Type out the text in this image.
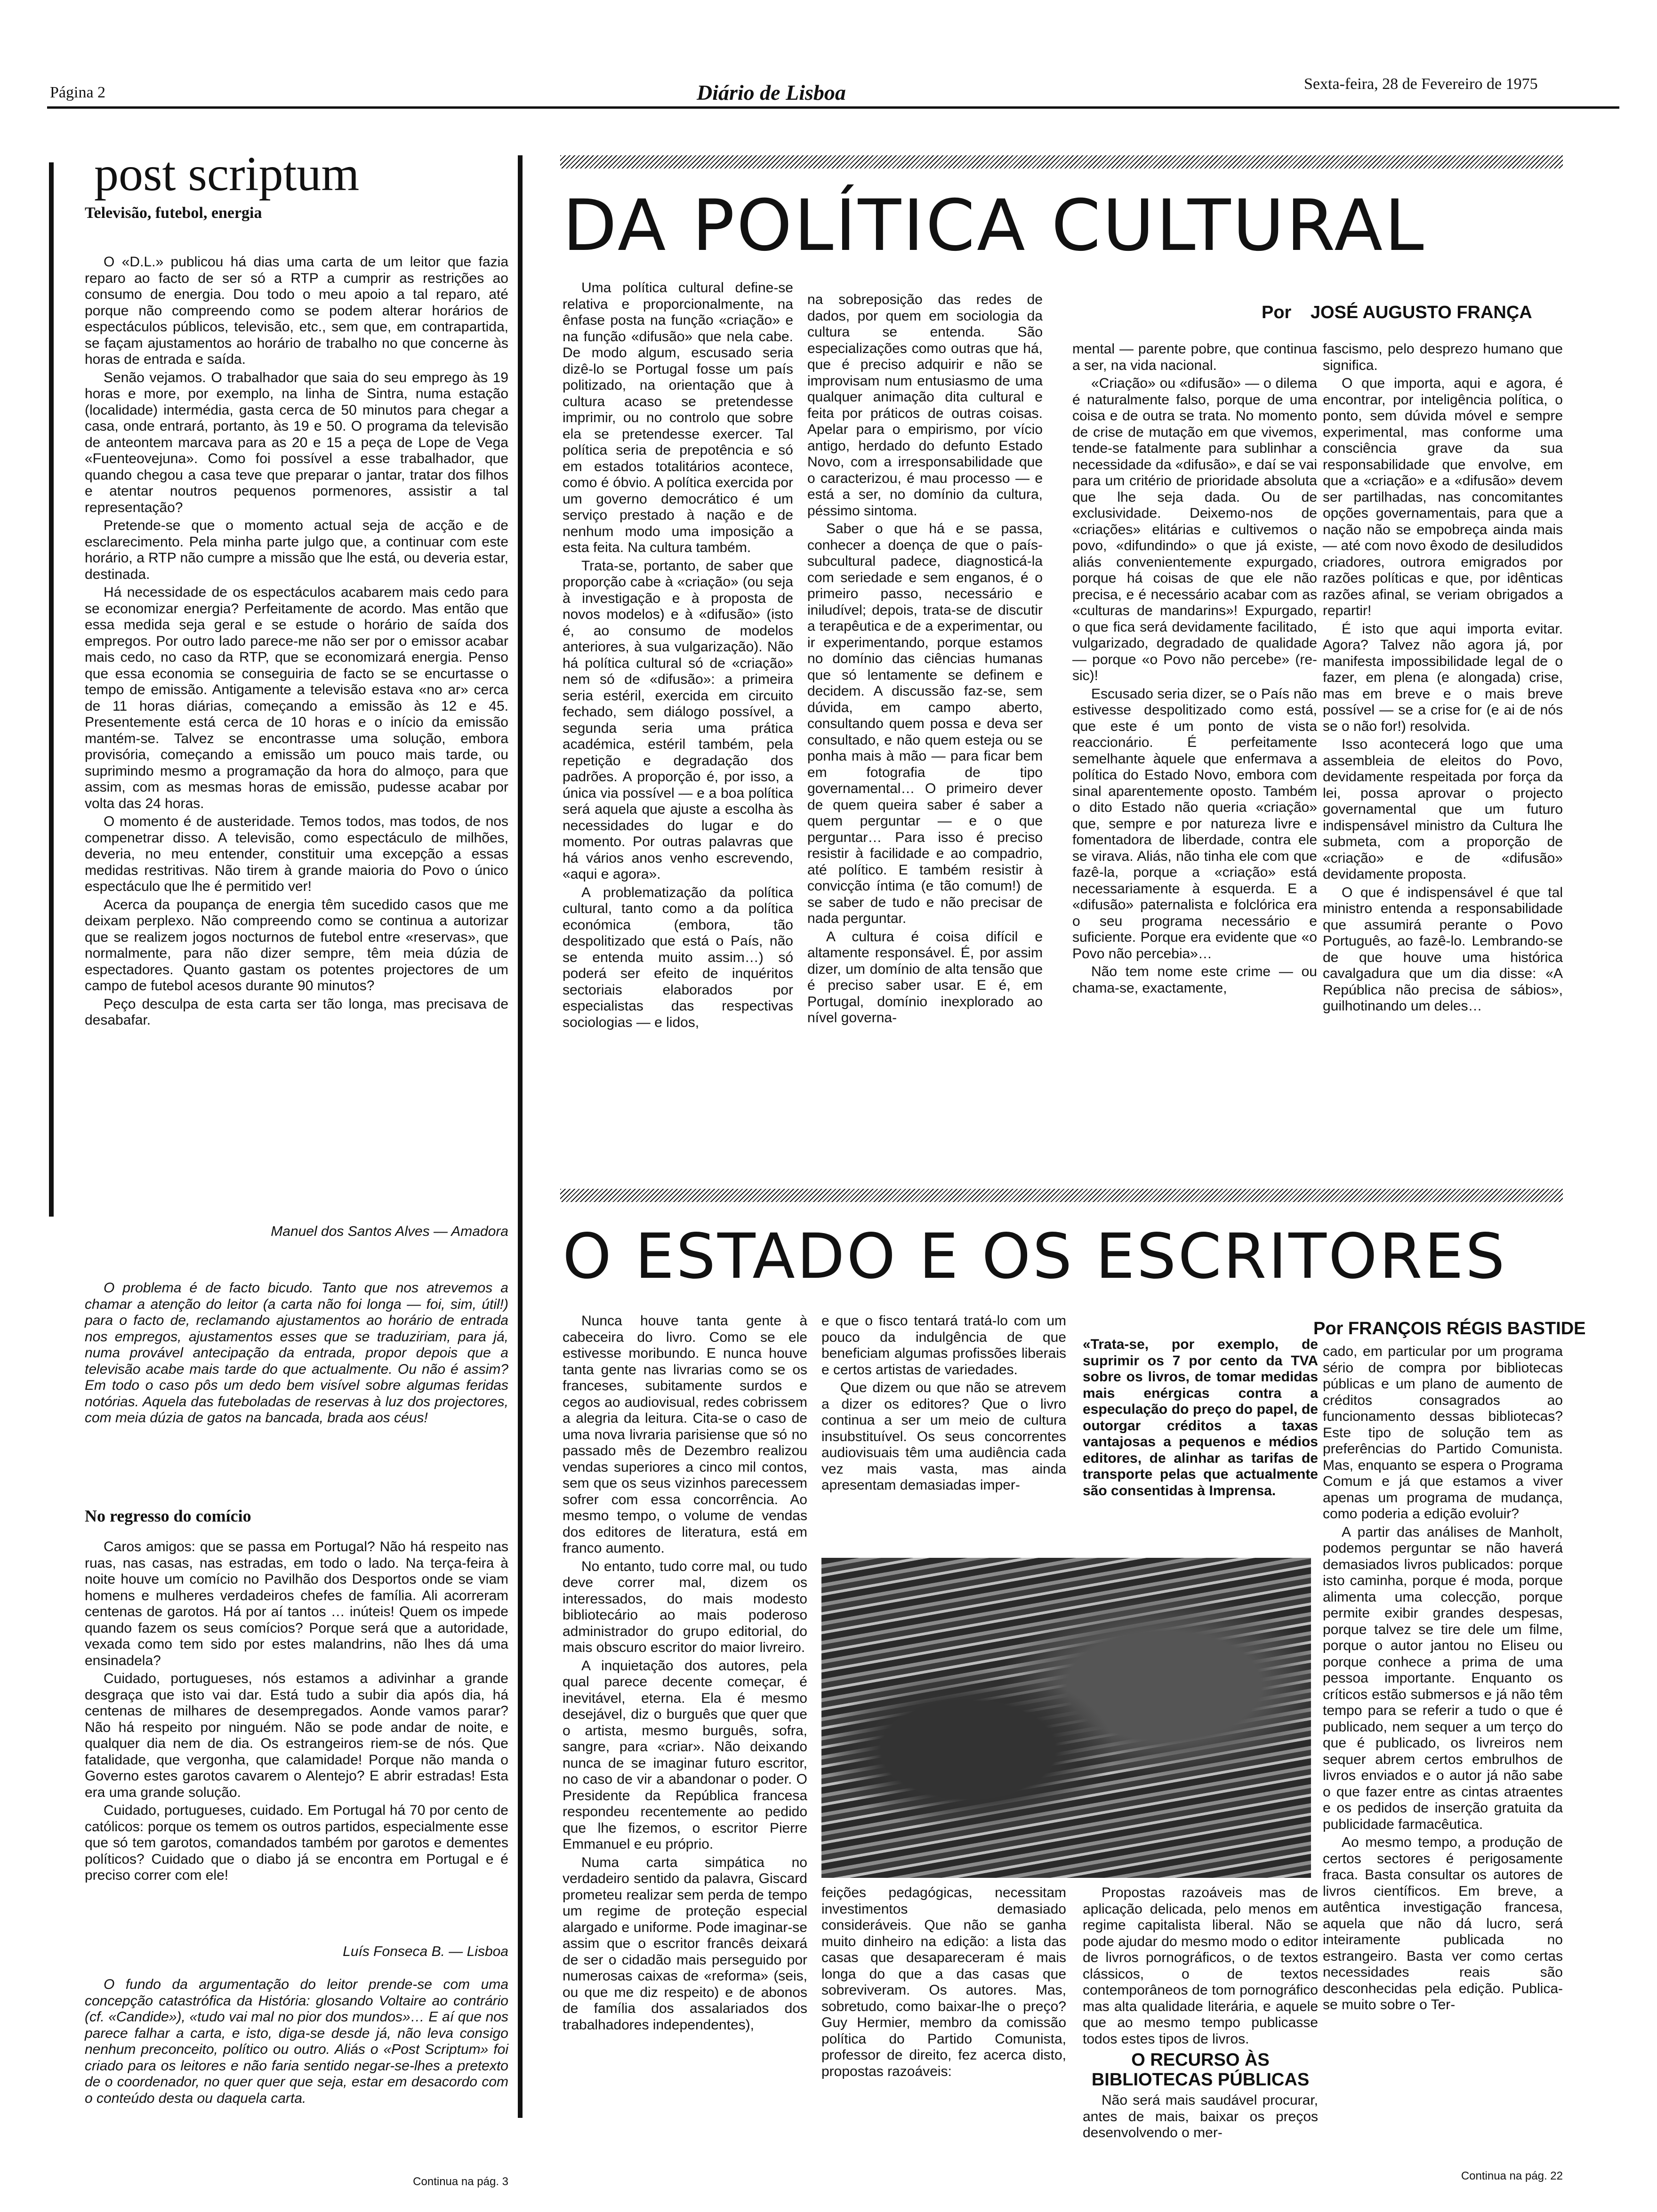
Página 2	Diário de Lisboa	Sexta-feira, 28 de Fevereiro de 1975
post scriptum
Televisão, futebol, energia

O «D.L.» publicou há dias uma carta de um leitor que fazia reparo ao facto de ser só a RTP a cumprir as restrições ao consumo de energia. Dou todo o meu apoio a tal reparo, até porque não compreendo como se podem alterar horários de espectáculos públicos, televisão, etc., sem que, em contrapartida, se façam ajustamentos ao horário de trabalho no que concerne às horas de entrada e saída.

Senão vejamos. O trabalhador que saia do seu emprego às 19 horas e more, por exemplo, na linha de Sintra, numa estação (localidade) intermédia, gasta cerca de 50 minutos para chegar a casa, onde entrará, portanto, às 19 e 50. O programa da televisão de anteontem marcava para as 20 e 15 a peça de Lope de Vega «Fuenteovejuna». Como foi possível a esse trabalhador, que quando chegou a casa teve que preparar o jantar, tratar dos filhos e atentar noutros pequenos pormenores, assistir a tal representação?

Pretende-se que o momento actual seja de acção e de esclarecimento. Pela minha parte julgo que, a continuar com este horário, a RTP não cumpre a missão que lhe está, ou deveria estar, destinada.

Há necessidade de os espectáculos acabarem mais cedo para se economizar energia? Perfeitamente de acordo. Mas então que essa medida seja geral e se estude o horário de saída dos empregos. Por outro lado parece-me não ser por o emissor acabar mais cedo, no caso da RTP, que se economizará energia. Penso que essa economia se conseguiria de facto se se encurtasse o tempo de emissão. Antigamente a televisão estava «no ar» cerca de 11 horas diárias, começando a emissão às 12 e 45. Presentemente está cerca de 10 horas e o início da emissão mantém-se. Talvez se encontrasse uma solução, embora provisória, começando a emissão um pouco mais tarde, ou suprimindo mesmo a programação da hora do almoço, para que assim, com as mesmas horas de emissão, pudesse acabar por volta das 24 horas.

O momento é de austeridade. Temos todos, mas todos, de nos compenetrar disso. A televisão, como espectáculo de milhões, deveria, no meu entender, constituir uma excepção a essas medidas restritivas. Não tirem à grande maioria do Povo o único espectáculo que lhe é permitido ver!

Acerca da poupança de energia têm sucedido casos que me deixam perplexo. Não compreendo como se continua a autorizar que se realizem jogos nocturnos de futebol entre «reservas», que normalmente, para não dizer sempre, têm meia dúzia de espectadores. Quanto gastam os potentes projectores de um campo de futebol acesos durante 90 minutos?

Peço desculpa de esta carta ser tão longa, mas precisava de desabafar.

Manuel dos Santos Alves — Amadora

O problema é de facto bicudo. Tanto que nos atrevemos a chamar a atenção do leitor (a carta não foi longa — foi, sim, útil!) para o facto de, reclamando ajustamentos ao horário de entrada nos empregos, ajustamentos esses que se traduziriam, para já, numa provável antecipação da entrada, propor depois que a televisão acabe mais tarde do que actualmente. Ou não é assim? Em todo o caso pôs um dedo bem visível sobre algumas feridas notórias. Aquela das futeboladas de reservas à luz dos projectores, com meia dúzia de gatos na bancada, brada aos céus!

No regresso do comício

Caros amigos: que se passa em Portugal? Não há respeito nas ruas, nas casas, nas estradas, em todo o lado. Na terça-feira à noite houve um comício no Pavilhão dos Desportos onde se viam homens e mulheres verdadeiros chefes de família. Ali acorreram centenas de garotos. Há por aí tantos … inúteis! Quem os impede quando fazem os seus comícios? Porque será que a autoridade, vexada como tem sido por estes malandrins, não lhes dá uma ensinadela?

Cuidado, portugueses, nós estamos a adivinhar a grande desgraça que isto vai dar. Está tudo a subir dia após dia, há centenas de milhares de desempregados. Aonde vamos parar? Não há respeito por ninguém. Não se pode andar de noite, e qualquer dia nem de dia. Os estrangeiros riem-se de nós. Que fatalidade, que vergonha, que calamidade! Porque não manda o Governo estes garotos cavarem o Alentejo? E abrir estradas! Esta era uma grande solução.

Cuidado, portugueses, cuidado. Em Portugal há 70 por cento de católicos: porque os temem os outros partidos, especialmente esse que só tem garotos, comandados também por garotos e dementes políticos? Cuidado que o diabo já se encontra em Portugal e é preciso correr com ele!

Luís Fonseca B. — Lisboa

O fundo da argumentação do leitor prende-se com uma concepção catastrófica da História: glosando Voltaire ao contrário (cf. «Candide»), «tudo vai mal no pior dos mundos»… E aí que nos parece falhar a carta, e isto, diga-se desde já, não leva consigo nenhum preconceito, político ou outro. Aliás o «Post Scriptum» foi criado para os leitores e não faria sentido negar-se-lhes a pretexto de o coordenador, no quer quer que seja, estar em desacordo com o conteúdo desta ou daquela carta.

Continua na pág. 3
DA POLÍTICA CULTURAL
Por JOSÉ AUGUSTO FRANÇA

Uma política cultural define-se relativa e proporcionalmente, na ênfase posta na função «criação» e na função «difusão» que nela cabe. De modo algum, escusado seria dizê-lo se Portugal fosse um país politizado, na orientação que à cultura acaso se pretendesse imprimir, ou no controlo que sobre ela se pretendesse exercer. Tal política seria de prepotência e só em estados totalitários acontece, como é óbvio. A política exercida por um governo democrático é um serviço prestado à nação e de nenhum modo uma imposição a esta feita. Na cultura também.

Trata-se, portanto, de saber que proporção cabe à «criação» (ou seja à investigação e à proposta de novos modelos) e à «difusão» (isto é, ao consumo de modelos anteriores, à sua vulgarização). Não há política cultural só de «criação» nem só de «difusão»: a primeira seria estéril, exercida em circuito fechado, sem diálogo possível, a segunda seria uma prática académica, estéril também, pela repetição e degradação dos padrões. A proporção é, por isso, a única via possível — e a boa política será aquela que ajuste a escolha às necessidades do lugar e do momento. Por outras palavras que há vários anos venho escrevendo, «aqui e agora».

A problematização da política cultural, tanto como a da política económica (embora, tão despolitizado que está o País, não se entenda muito assim…) só poderá ser efeito de inquéritos sectoriais elaborados por especialistas das respectivas sociologias — e lidos,

na sobreposição das redes de dados, por quem em sociologia da cultura se entenda. São especializações como outras que há, que é preciso adquirir e não se improvisam num entusiasmo de uma qualquer animação dita cultural e feita por práticos de outras coisas. Apelar para o empirismo, por vício antigo, herdado do defunto Estado Novo, com a irresponsabilidade que o caracterizou, é mau processo — e está a ser, no domínio da cultura, péssimo sintoma.

Saber o que há e se passa, conhecer a doença de que o país-subcultural padece, diagnosticá-la com seriedade e sem enganos, é o primeiro passo, necessário e iniludível; depois, trata-se de discutir a terapêutica e de a experimentar, ou ir experimentando, porque estamos no domínio das ciências humanas que só lentamente se definem e decidem. A discussão faz-se, sem dúvida, em campo aberto, consultando quem possa e deva ser consultado, e não quem esteja ou se ponha mais à mão — para ficar bem em fotografia de tipo governamental… O primeiro dever de quem queira saber é saber a quem perguntar — e o que perguntar… Para isso é preciso resistir à facilidade e ao compadrio, até político. E também resistir à convicção íntima (e tão comum!) de se saber de tudo e não precisar de nada perguntar.

A cultura é coisa difícil e altamente responsável. É, por assim dizer, um domínio de alta tensão que é preciso saber usar. E é, em Portugal, domínio inexplorado ao nível governa-

mental — parente pobre, que continua a ser, na vida nacional.

«Criação» ou «difusão» — o dilema é naturalmente falso, porque de uma coisa e de outra se trata. No momento de crise de mutação em que vivemos, tende-se fatalmente para sublinhar a necessidade da «difusão», e daí se vai para um critério de prioridade absoluta que lhe seja dada. Ou de exclusividade. Deixemo-nos de «criações» elitárias e cultivemos o povo, «difundindo» o que já existe, aliás convenientemente expurgado, porque há coisas de que ele não precisa, e é necessário acabar com as «culturas de mandarins»! Expurgado, o que fica será devidamente facilitado, vulgarizado, degradado de qualidade — porque «o Povo não percebe» (re-sic)!

Escusado seria dizer, se o País não estivesse despolitizado como está, que este é um ponto de vista reaccionário. É perfeitamente semelhante àquele que enfermava a política do Estado Novo, embora com sinal aparentemente oposto. Também o dito Estado não queria «criação» que, sempre e por natureza livre e fomentadora de liberdade, contra ele se virava. Aliás, não tinha ele com que fazê-la, porque a «criação» está necessariamente à esquerda. E a «difusão» paternalista e folclórica era o seu programa necessário e suficiente. Porque era evidente que «o Povo não percebia»…

Não tem nome este crime — ou chama-se, exactamente,

fascismo, pelo desprezo humano que significa.

O que importa, aqui e agora, é encontrar, por inteligência política, o ponto, sem dúvida móvel e sempre experimental, mas conforme uma consciência grave da sua responsabilidade que envolve, em que a «criação» e a «difusão» devem ser partilhadas, nas concomitantes opções governamentais, para que a nação não se empobreça ainda mais — até com novo êxodo de desiludidos criadores, outrora emigrados por razões políticas e que, por idênticas razões afinal, se veriam obrigados a repartir!

É isto que aqui importa evitar. Agora? Talvez não agora já, por manifesta impossibilidade legal de o fazer, em plena (e alongada) crise, mas em breve e o mais breve possível — se a crise for (e ai de nós se o não for!) resolvida.

Isso acontecerá logo que uma assembleia de eleitos do Povo, devidamente respeitada por força da lei, possa aprovar o projecto governamental que um futuro indispensável ministro da Cultura lhe submeta, com a proporção de «criação» e de «difusão» devidamente proposta.

O que é indispensável é que tal ministro entenda a responsabilidade que assumirá perante o Povo Português, ao fazê-lo. Lembrando-se de que houve uma histórica cavalgadura que um dia disse: «A República não precisa de sábios», guilhotinando um deles…

O ESTADO E OS ESCRITORES
Por FRANÇOIS RÉGIS BASTIDE

Nunca houve tanta gente à cabeceira do livro. Como se ele estivesse moribundo. E nunca houve tanta gente nas livrarias como se os franceses, subitamente surdos e cegos ao audiovisual, redes cobrissem a alegria da leitura. Cita-se o caso de uma nova livraria parisiense que só no passado mês de Dezembro realizou vendas superiores a cinco mil contos, sem que os seus vizinhos parecessem sofrer com essa concorrência. Ao mesmo tempo, o volume de vendas dos editores de literatura, está em franco aumento.

No entanto, tudo corre mal, ou tudo deve correr mal, dizem os interessados, do mais modesto bibliotecário ao mais poderoso administrador do grupo editorial, do mais obscuro escritor do maior livreiro.

A inquietação dos autores, pela qual parece decente começar, é inevitável, eterna. Ela é mesmo desejável, diz o burguês que quer que o artista, mesmo burguês, sofra, sangre, para «criar». Não deixando nunca de se imaginar futuro escritor, no caso de vir a abandonar o poder. O Presidente da República francesa respondeu recentemente ao pedido que lhe fizemos, o escritor Pierre Emmanuel e eu próprio.

Numa carta simpática no verdadeiro sentido da palavra, Giscard prometeu realizar sem perda de tempo um regime de proteção especial alargado e uniforme. Pode imaginar-se assim que o escritor francês deixará de ser o cidadão mais perseguido por numerosas caixas de «reforma» (seis, ou que me diz respeito) e de abonos de família dos assalariados dos trabalhadores independentes),

e que o fisco tentará tratá-lo com um pouco da indulgência de que beneficiam algumas profissões liberais e certos artistas de variedades.

Que dizem ou que não se atrevem a dizer os editores? Que o livro continua a ser um meio de cultura insubstituível. Os seus concorrentes audiovisuais têm uma audiência cada vez mais vasta, mas ainda apresentam demasiadas imper-

«Trata-se, por exemplo, de suprimir os 7 por cento da TVA sobre os livros, de tomar medidas mais enérgicas contra a especulação do preço do papel, de outorgar créditos a taxas vantajosas a pequenos e médios editores, de alinhar as tarifas de transporte pelas que actualmente são consentidas à Imprensa.

feições pedagógicas, necessitam investimentos demasiado consideráveis. Que não se ganha muito dinheiro na edição: a lista das casas que desapareceram é mais longa do que a das casas que sobreviveram. Os autores. Mas, sobretudo, como baixar-lhe o preço? Guy Hermier, membro da comissão política do Partido Comunista, professor de direito, fez acerca disto, propostas razoáveis:

Propostas razoáveis mas de aplicação delicada, pelo menos em regime capitalista liberal. Não se pode ajudar do mesmo modo o editor de livros pornográficos, o de textos clássicos, o de textos contemporâneos de tom pornográfico mas alta qualidade literária, e aquele que ao mesmo tempo publicasse todos estes tipos de livros.

O RECURSO ÀS BIBLIOTECAS PÚBLICAS

Não será mais saudável procurar, antes de mais, baixar os preços desenvolvendo o mer-

cado, em particular por um programa sério de compra por bibliotecas públicas e um plano de aumento de créditos consagrados ao funcionamento dessas bibliotecas? Este tipo de solução tem as preferências do Partido Comunista. Mas, enquanto se espera o Programa Comum e já que estamos a viver apenas um programa de mudança, como poderia a edição evoluir?

A partir das análises de Manholt, podemos perguntar se não haverá demasiados livros publicados: porque isto caminha, porque é moda, porque alimenta uma colecção, porque permite exibir grandes despesas, porque talvez se tire dele um filme, porque o autor jantou no Eliseu ou porque conhece a prima de uma pessoa importante. Enquanto os críticos estão submersos e já não têm tempo para se referir a tudo o que é publicado, nem sequer a um terço do que é publicado, os livreiros nem sequer abrem certos embrulhos de livros enviados e o autor já não sabe o que fazer entre as cintas atraentes e os pedidos de inserção gratuita da publicidade farmacêutica.

Ao mesmo tempo, a produção de certos sectores é perigosamente fraca. Basta consultar os autores de livros científicos. Em breve, a autêntica investigação francesa, aquela que não dá lucro, será inteiramente publicada no estrangeiro. Basta ver como certas necessidades reais são desconhecidas pela edição. Publica-se muito sobre o Ter-

Continua na pág. 22
